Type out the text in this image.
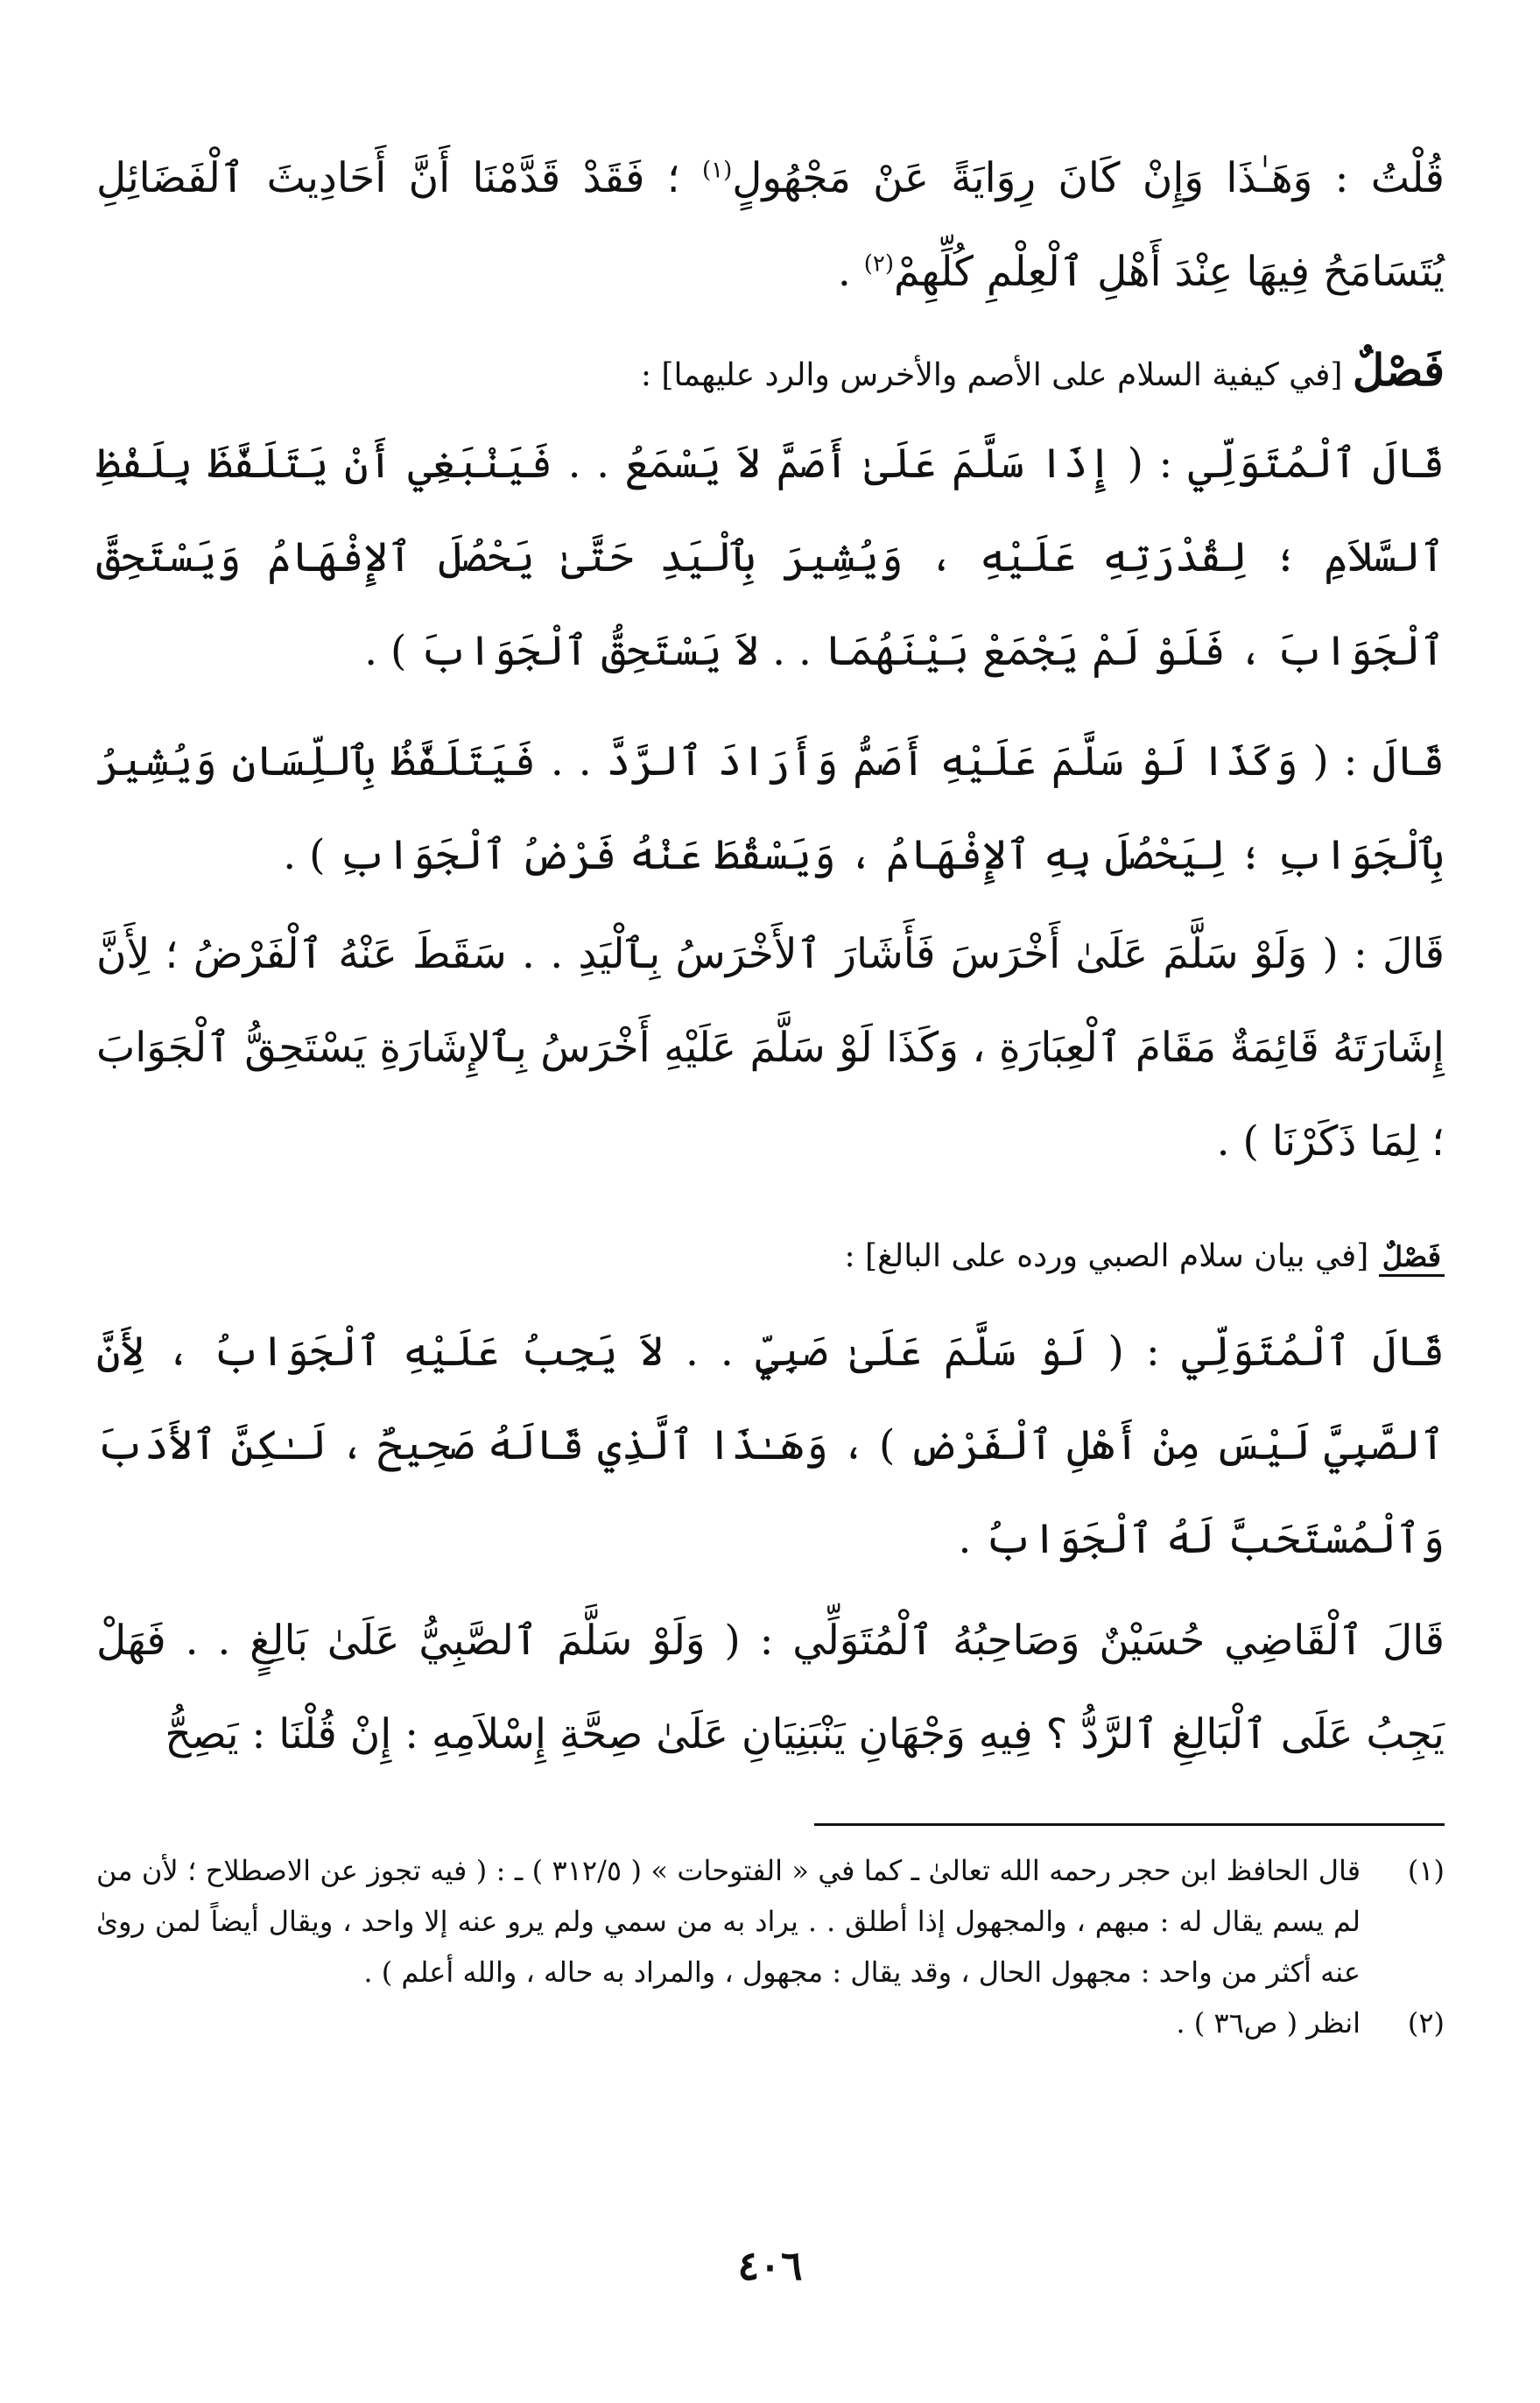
قُلْتُ : وَهَـٰذَا وَإِنْ كَانَ رِوَايَةً عَنْ مَجْهُولٍ$^{(١)}$ ؛ فَقَدْ قَدَّمْنَا أَنَّ أَحَادِيثَ ٱلْفَضَائِلِ يُتَسَامَحُ فِيهَا عِنْدَ أَهْلِ ٱلْعِلْمِ كُلِّهِمْ$^{(٢)}$ .

فَصْلٌ [في كيفية السلام على الأصم والأخرس والرد عليهما] :

قَالَ ٱلْمُتَوَلِّي : ( إِذَا سَلَّمَ عَلَىٰ أَصَمَّ لاَ يَسْمَعُ . . فَيَنْبَغِي أَنْ يَتَلَفَّظَ بِلَفْظِ ٱلسَّلاَمِ ؛ لِقُدْرَتِهِ عَلَيْهِ ، وَيُشِيرَ بِٱلْيَدِ حَتَّىٰ يَحْصُلَ ٱلإِفْهَامُ وَيَسْتَحِقَّ ٱلْجَوَابَ ، فَلَوْ لَمْ يَجْمَعْ بَيْنَهُمَا . . لاَ يَسْتَحِقُّ ٱلْجَوَابَ ) .

قَالَ : ( وَكَذَا لَوْ سَلَّمَ عَلَيْهِ أَصَمُّ وَأَرَادَ ٱلرَّدَّ . . فَيَتَلَفَّظُ بِٱللِّسَانِ وَيُشِيرُ بِٱلْجَوَابِ ؛ لِيَحْصُلَ بِهِ ٱلإِفْهَامُ ، وَيَسْقُطَ عَنْهُ فَرْضُ ٱلْجَوَابِ ) .

قَالَ : ( وَلَوْ سَلَّمَ عَلَىٰ أَخْرَسَ فَأَشَارَ ٱلأَخْرَسُ بِٱلْيَدِ . . سَقَطَ عَنْهُ ٱلْفَرْضُ ؛ لِأَنَّ إِشَارَتَهُ قَائِمَةٌ مَقَامَ ٱلْعِبَارَةِ ، وَكَذَا لَوْ سَلَّمَ عَلَيْهِ أَخْرَسُ بِٱلإِشَارَةِ يَسْتَحِقُّ ٱلْجَوَابَ ؛ لِمَا ذَكَرْنَا ) .

فَصْلٌ [في بيان سلام الصبي ورده على البالغ] :

قَالَ ٱلْمُتَوَلِّي : ( لَوْ سَلَّمَ عَلَىٰ صَبِيٍّ . . لاَ يَجِبُ عَلَيْهِ ٱلْجَوَابُ ، لِأَنَّ ٱلصَّبِيَّ لَيْسَ مِنْ أَهْلِ ٱلْفَرْضِ ) ، وَهَـٰذَا ٱلَّذِي قَالَهُ صَحِيحٌ ، لَـٰكِنَّ ٱلأَدَبَ وَٱلْمُسْتَحَبَّ لَهُ ٱلْجَوَابُ .

قَالَ ٱلْقَاضِي حُسَيْنٌ وَصَاحِبُهُ ٱلْمُتَوَلِّي : ( وَلَوْ سَلَّمَ ٱلصَّبِيُّ عَلَىٰ بَالِغٍ . . فَهَلْ يَجِبُ عَلَى ٱلْبَالِغِ ٱلرَّدُّ ؟ فِيهِ وَجْهَانِ يَنْبَنِيَانِ عَلَىٰ صِحَّةِ إِسْلاَمِهِ : إِنْ قُلْنَا : يَصِحُّ

(١)
قال الحافظ ابن حجر رحمه الله تعالىٰ ـ كما في « الفتوحات » ( ٣١٢/٥ ) ـ : ( فيه تجوز عن الاصطلاح ؛ لأن من لم يسم يقال له : مبهم ، والمجهول إذا أطلق . . يراد به من سمي ولم يرو عنه إلا واحد ، ويقال أيضاً لمن روىٰ عنه أكثر من واحد : مجهول الحال ، وقد يقال : مجهول ، والمراد به حاله ، والله أعلم ) .
(٢)
انظر ( ص٣٦ ) .
٤٠٦
